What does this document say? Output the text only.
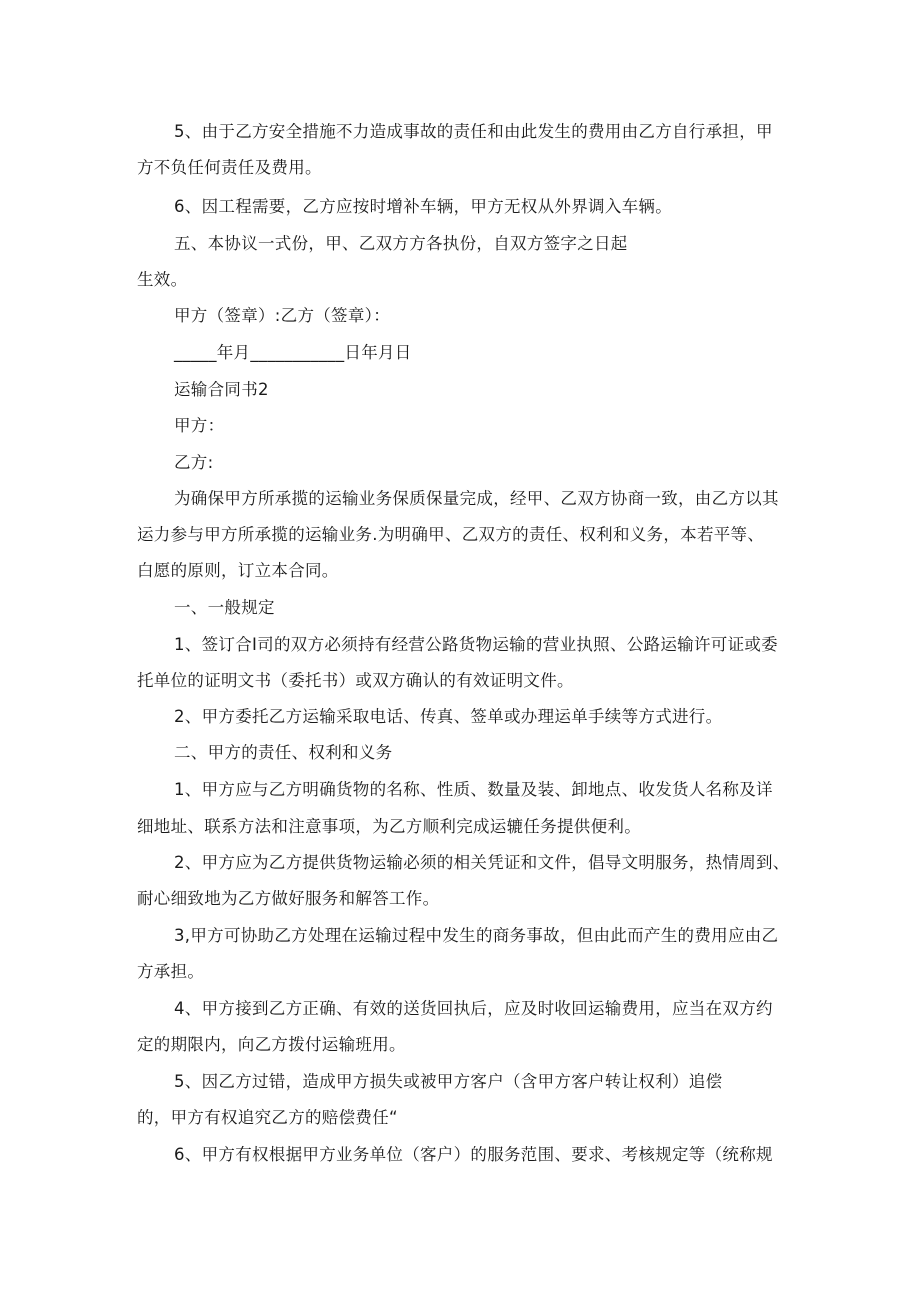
5、由于乙方安全措施不力造成事故的责任和由此发生的费用由乙方自行承担，甲
方不负任何责任及费用。
6、因工程需要，乙方应按时增补车辆，甲方无权从外界调入车辆。
五、本协议一式份，甲、乙双方方各执份，自双方签字之日起
生效。
甲方（签章）:乙方（签章）：
_____年月___________日年月日
运输合同书2
甲方：
乙方:
为确保甲方所承揽的运输业务保质保量完成，经甲、乙双方协商一致，由乙方以其
运力参与甲方所承揽的运输业务.为明确甲、乙双方的责任、权利和义务，本若平等、
白愿的原则，订立本合同。
一、一般规定
1、签订合I司的双方必须持有经营公路货物运输的营业执照、公路运输许可证或委
托单位的证明文书（委托书）或双方确认的有效证明文件。
2、甲方委托乙方运输采取电话、传真、签单或办理运单手续等方式进行。
二、甲方的责任、权利和义务
1、甲方应与乙方明确货物的名称、性质、数量及装、卸地点、收发货人名称及详
细地址、联系方法和注意事项，为乙方顺利完成运辘任务提供便利。
2、甲方应为乙方提供货物运输必须的相关凭证和文件，倡导文明服务，热情周到、
耐心细致地为乙方做好服务和解答工作。
3,甲方可协助乙方处理在运输过程中发生的商务事故，但由此而产生的费用应由乙
方承担。
4、甲方接到乙方正确、有效的送货回执后，应及时收回运输费用，应当在双方约
定的期限内，向乙方拨付运输班用。
5、因乙方过错，造成甲方损失或被甲方客户（含甲方客户转让权利）追偿
的，甲方有权追究乙方的赔偿费任“
6、甲方有权根据甲方业务单位（客户）的服务范围、要求、考核规定等（统称规
